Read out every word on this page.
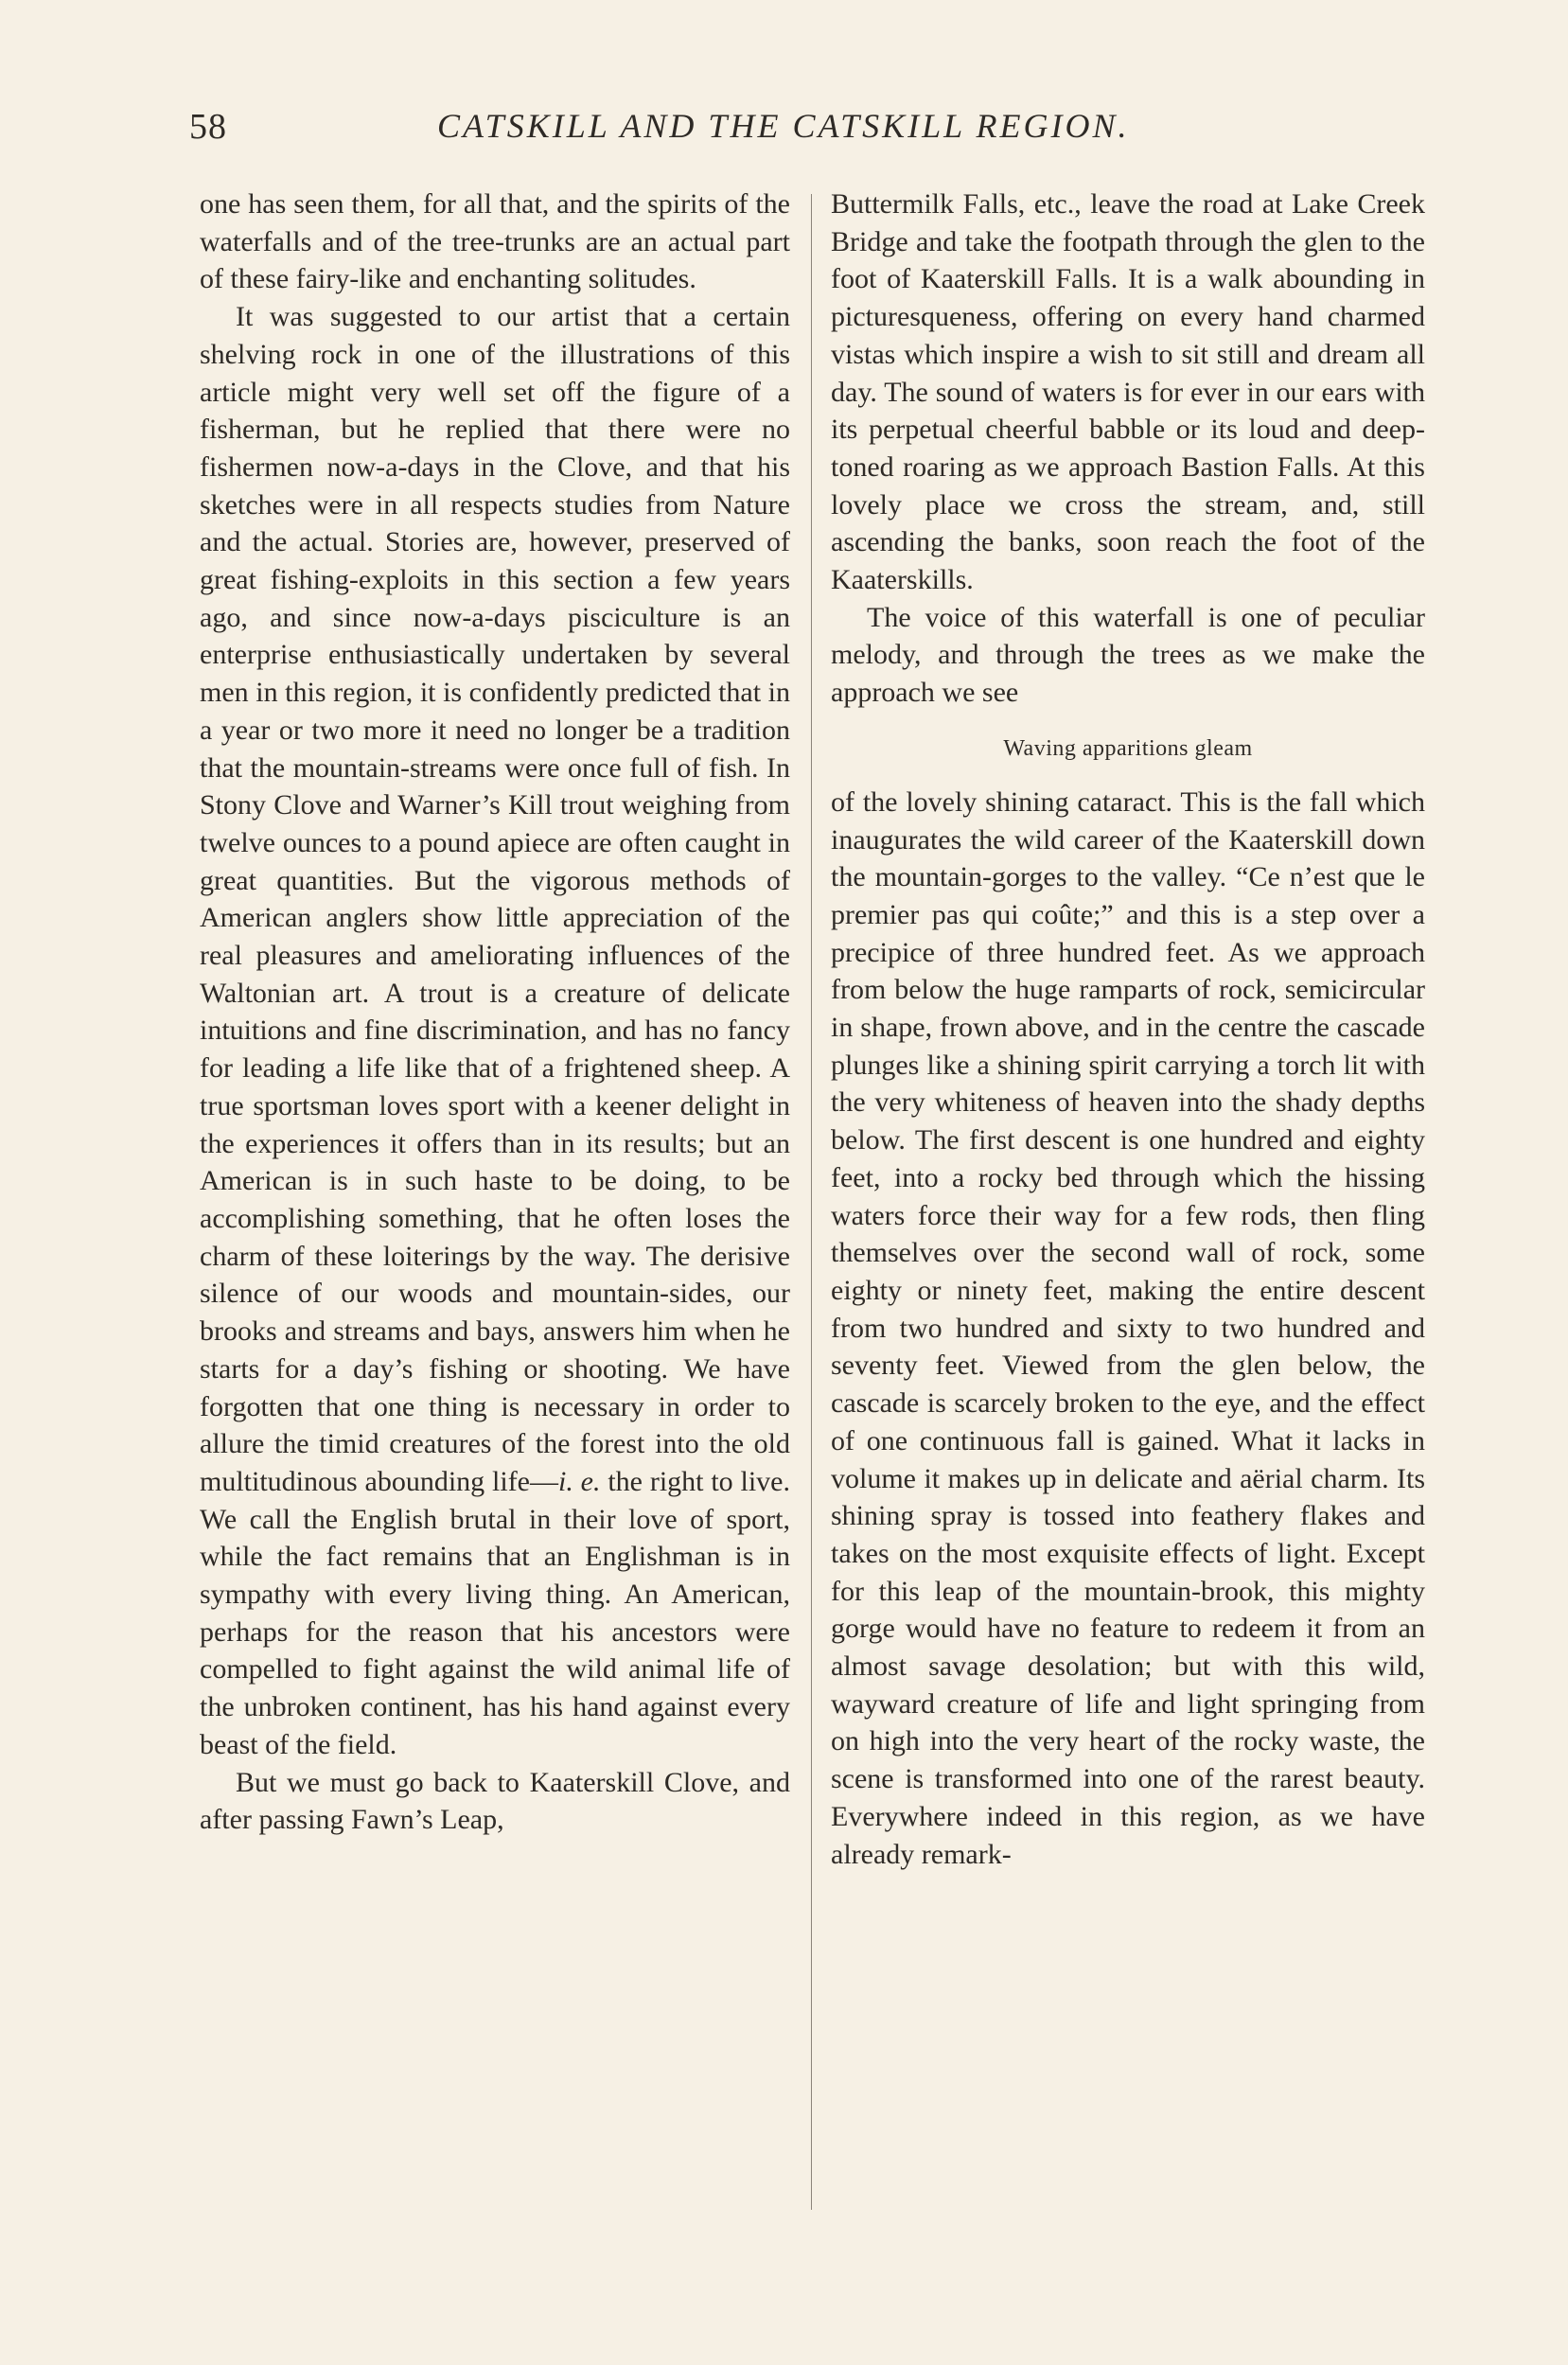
58	CATSKILL AND THE CATSKILL REGION.

one has seen them, for all that, and the spirits of the waterfalls and of the tree-trunks are an actual part of these fairy-like and enchanting solitudes.

It was suggested to our artist that a certain shelving rock in one of the illustrations of this article might very well set off the figure of a fisherman, but he replied that there were no fishermen now-a-days in the Clove, and that his sketches were in all respects studies from Nature and the actual. Stories are, however, preserved of great fishing-exploits in this section a few years ago, and since now-a-days pisciculture is an enterprise enthusiastically undertaken by several men in this region, it is confidently predicted that in a year or two more it need no longer be a tradition that the mountain-streams were once full of fish. In Stony Clove and Warner’s Kill trout weighing from twelve ounces to a pound apiece are often caught in great quantities. But the vigorous methods of American anglers show little appreciation of the real pleasures and ameliorating influences of the Waltonian art. A trout is a creature of delicate intuitions and fine discrimination, and has no fancy for leading a life like that of a frightened sheep. A true sportsman loves sport with a keener delight in the experiences it offers than in its results; but an American is in such haste to be doing, to be accomplishing something, that he often loses the charm of these loiterings by the way. The derisive silence of our woods and mountain-sides, our brooks and streams and bays, answers him when he starts for a day’s fishing or shooting. We have forgotten that one thing is necessary in order to allure the timid creatures of the forest into the old multitudinous abounding life—i. e. the right to live. We call the English brutal in their love of sport, while the fact remains that an Englishman is in sympathy with every living thing. An American, perhaps for the reason that his ancestors were compelled to fight against the wild animal life of the unbroken continent, has his hand against every beast of the field.

But we must go back to Kaaterskill Clove, and after passing Fawn’s Leap,

Buttermilk Falls, etc., leave the road at Lake Creek Bridge and take the footpath through the glen to the foot of Kaaterskill Falls. It is a walk abounding in picturesqueness, offering on every hand charmed vistas which inspire a wish to sit still and dream all day. The sound of waters is for ever in our ears with its perpetual cheerful babble or its loud and deep-toned roaring as we approach Bastion Falls. At this lovely place we cross the stream, and, still ascending the banks, soon reach the foot of the Kaaterskills.

The voice of this waterfall is one of peculiar melody, and through the trees as we make the approach we see

Waving apparitions gleam

of the lovely shining cataract. This is the fall which inaugurates the wild career of the Kaaterskill down the mountain-gorges to the valley. “Ce n’est que le premier pas qui coûte;” and this is a step over a precipice of three hundred feet. As we approach from below the huge ramparts of rock, semicircular in shape, frown above, and in the centre the cascade plunges like a shining spirit carrying a torch lit with the very whiteness of heaven into the shady depths below. The first descent is one hundred and eighty feet, into a rocky bed through which the hissing waters force their way for a few rods, then fling themselves over the second wall of rock, some eighty or ninety feet, making the entire descent from two hundred and sixty to two hundred and seventy feet. Viewed from the glen below, the cascade is scarcely broken to the eye, and the effect of one continuous fall is gained. What it lacks in volume it makes up in delicate and aërial charm. Its shining spray is tossed into feathery flakes and takes on the most exquisite effects of light. Except for this leap of the mountain-brook, this mighty gorge would have no feature to redeem it from an almost savage desolation; but with this wild, wayward creature of life and light springing from on high into the very heart of the rocky waste, the scene is transformed into one of the rarest beauty. Everywhere indeed in this region, as we have already remark-
